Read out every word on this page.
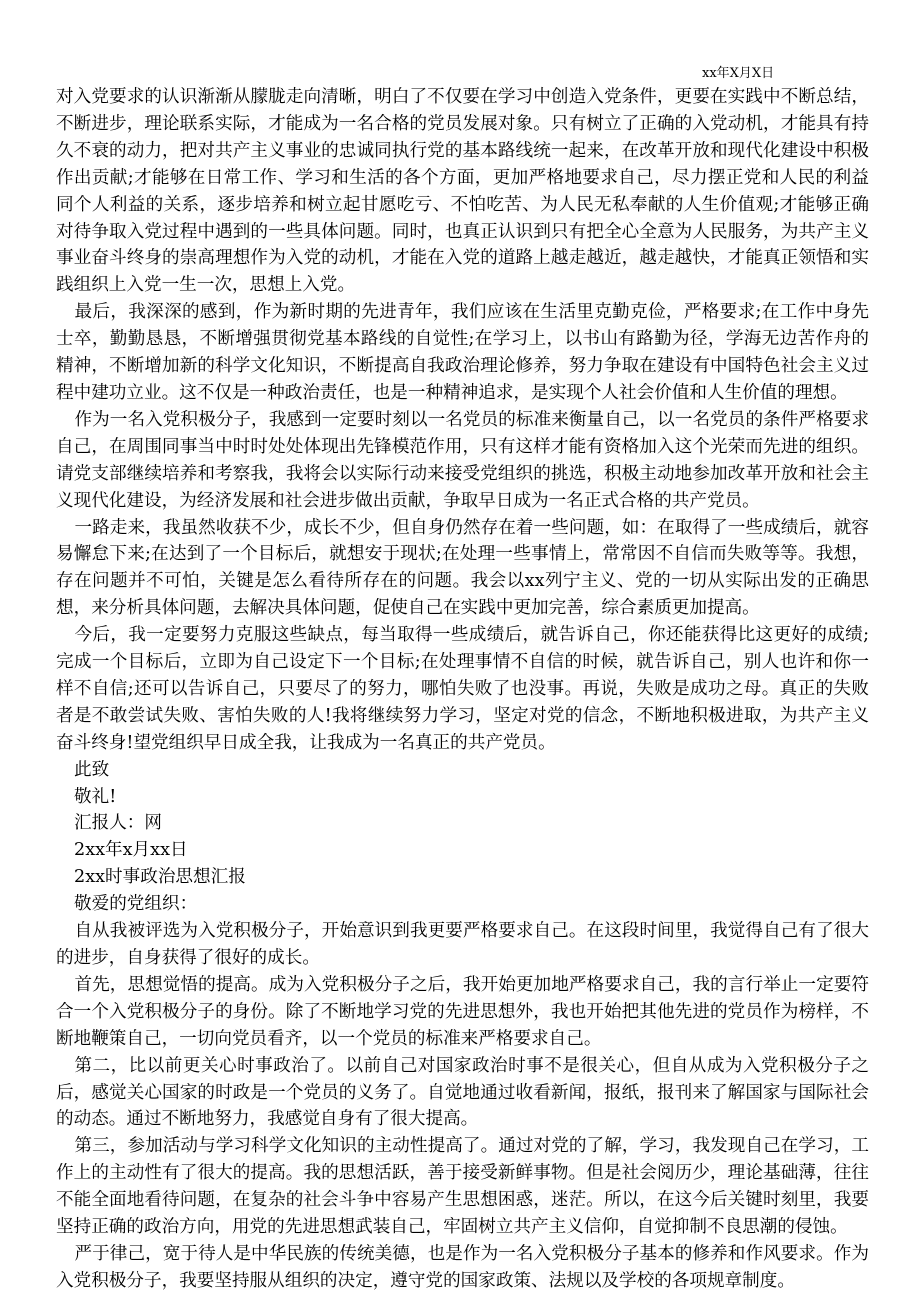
xx年X月X日

对入党要求的认识渐渐从朦胧走向清晰，明白了不仅要在学习中创造入党条件，更要在实践中不断总结，不断进步，理论联系实际，才能成为一名合格的党员发展对象。只有树立了正确的入党动机，才能具有持久不衰的动力，把对共产主义事业的忠诚同执行党的基本路线统一起来，在改革开放和现代化建设中积极作出贡献;才能够在日常工作、学习和生活的各个方面，更加严格地要求自己，尽力摆正党和人民的利益同个人利益的关系，逐步培养和树立起甘愿吃亏、不怕吃苦、为人民无私奉献的人生价值观;才能够正确对待争取入党过程中遇到的一些具体问题。同时，也真正认识到只有把全心全意为人民服务，为共产主义事业奋斗终身的崇高理想作为入党的动机，才能在入党的道路上越走越近，越走越快，才能真正领悟和实践组织上入党一生一次，思想上入党。

最后，我深深的感到，作为新时期的先进青年，我们应该在生活里克勤克俭，严格要求;在工作中身先士卒，勤勤恳恳，不断增强贯彻党基本路线的自觉性;在学习上，以书山有路勤为径，学海无边苦作舟的精神，不断增加新的科学文化知识，不断提高自我政治理论修养，努力争取在建设有中国特色社会主义过程中建功立业。这不仅是一种政治责任，也是一种精神追求，是实现个人社会价值和人生价值的理想。

作为一名入党积极分子，我感到一定要时刻以一名党员的标准来衡量自己，以一名党员的条件严格要求自己，在周围同事当中时时处处体现出先锋模范作用，只有这样才能有资格加入这个光荣而先进的组织。请党支部继续培养和考察我，我将会以实际行动来接受党组织的挑选，积极主动地参加改革开放和社会主义现代化建设，为经济发展和社会进步做出贡献，争取早日成为一名正式合格的共产党员。

一路走来，我虽然收获不少，成长不少，但自身仍然存在着一些问题，如：在取得了一些成绩后，就容易懈怠下来;在达到了一个目标后，就想安于现状;在处理一些事情上，常常因不自信而失败等等。我想，存在问题并不可怕，关键是怎么看待所存在的问题。我会以xx列宁主义、党的一切从实际出发的正确思想，来分析具体问题，去解决具体问题，促使自己在实践中更加完善，综合素质更加提高。

今后，我一定要努力克服这些缺点，每当取得一些成绩后，就告诉自己，你还能获得比这更好的成绩;完成一个目标后，立即为自己设定下一个目标;在处理事情不自信的时候，就告诉自己，别人也许和你一样不自信;还可以告诉自己，只要尽了的努力，哪怕失败了也没事。再说，失败是成功之母。真正的失败者是不敢尝试失败、害怕失败的人!我将继续努力学习，坚定对党的信念，不断地积极进取，为共产主义奋斗终身!望党组织早日成全我，让我成为一名真正的共产党员。

此致

敬礼!

汇报人：网

2xx年x月xx日

2xx时事政治思想汇报

敬爱的党组织：

自从我被评选为入党积极分子，开始意识到我更要严格要求自己。在这段时间里，我觉得自己有了很大的进步，自身获得了很好的成长。

首先，思想觉悟的提高。成为入党积极分子之后，我开始更加地严格要求自己，我的言行举止一定要符合一个入党积极分子的身份。除了不断地学习党的先进思想外，我也开始把其他先进的党员作为榜样，不断地鞭策自己，一切向党员看齐，以一个党员的标准来严格要求自己。

第二，比以前更关心时事政治了。以前自己对国家政治时事不是很关心，但自从成为入党积极分子之后，感觉关心国家的时政是一个党员的义务了。自觉地通过收看新闻，报纸，报刊来了解国家与国际社会的动态。通过不断地努力，我感觉自身有了很大提高。

第三，参加活动与学习科学文化知识的主动性提高了。通过对党的了解，学习，我发现自己在学习，工作上的主动性有了很大的提高。我的思想活跃，善于接受新鲜事物。但是社会阅历少，理论基础薄，往往不能全面地看待问题，在复杂的社会斗争中容易产生思想困惑，迷茫。所以，在这今后关键时刻里，我要坚持正确的政治方向，用党的先进思想武装自己，牢固树立共产主义信仰，自觉抑制不良思潮的侵蚀。

严于律己，宽于待人是中华民族的传统美德，也是作为一名入党积极分子基本的修养和作风要求。作为入党积极分子，我要坚持服从组织的决定，遵守党的国家政策、法规以及学校的各项规章制度。
